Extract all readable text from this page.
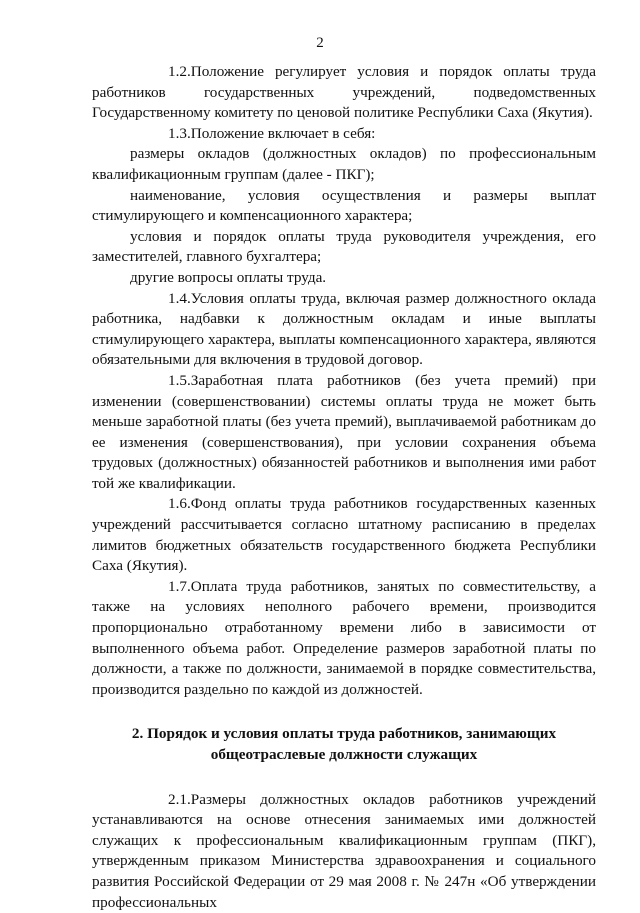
2

1.2.Положение регулирует условия и порядок оплаты труда работников государственных учреждений, подведомственных Государственному комитету по ценовой политике Республики Саха (Якутия).

1.3.Положение включает в себя:

размеры окладов (должностных окладов) по профессиональным квалификационным группам (далее - ПКГ);

наименование, условия осуществления и размеры выплат стимулирующего и компенсационного характера;

условия и порядок оплаты труда руководителя учреждения, его заместителей, главного бухгалтера;

другие вопросы оплаты труда.

1.4.Условия оплаты труда, включая размер должностного оклада работника, надбавки к должностным окладам и иные выплаты стимулирующего характера, выплаты компенсационного характера, являются обязательными для включения в трудовой договор.

1.5.Заработная плата работников (без учета премий) при изменении (совершенствовании) системы оплаты труда не может быть меньше заработной платы (без учета премий), выплачиваемой работникам до ее изменения (совершенствования), при условии сохранения объема трудовых (должностных) обязанностей работников и выполнения ими работ той же квалификации.

1.6.Фонд оплаты труда работников государственных казенных учреждений рассчитывается согласно штатному расписанию в пределах лимитов бюджетных обязательств государственного бюджета Республики Саха (Якутия).

1.7.Оплата труда работников, занятых по совместительству, а также на условиях неполного рабочего времени, производится пропорционально отработанному времени либо в зависимости от выполненного объема работ. Определение размеров заработной платы по должности, а также по должности, занимаемой в порядке совместительства, производится раздельно по каждой из должностей.

2. Порядок и условия оплаты труда работников, занимающих
общеотраслевые должности служащих

2.1.Размеры должностных окладов работников учреждений устанавливаются на основе отнесения занимаемых ими должностей служащих к профессиональным квалификационным группам (ПКГ), утвержденным приказом Министерства здравоохранения и социального развития Российской Федерации от 29 мая 2008 г. № 247н «Об утверждении профессиональных
